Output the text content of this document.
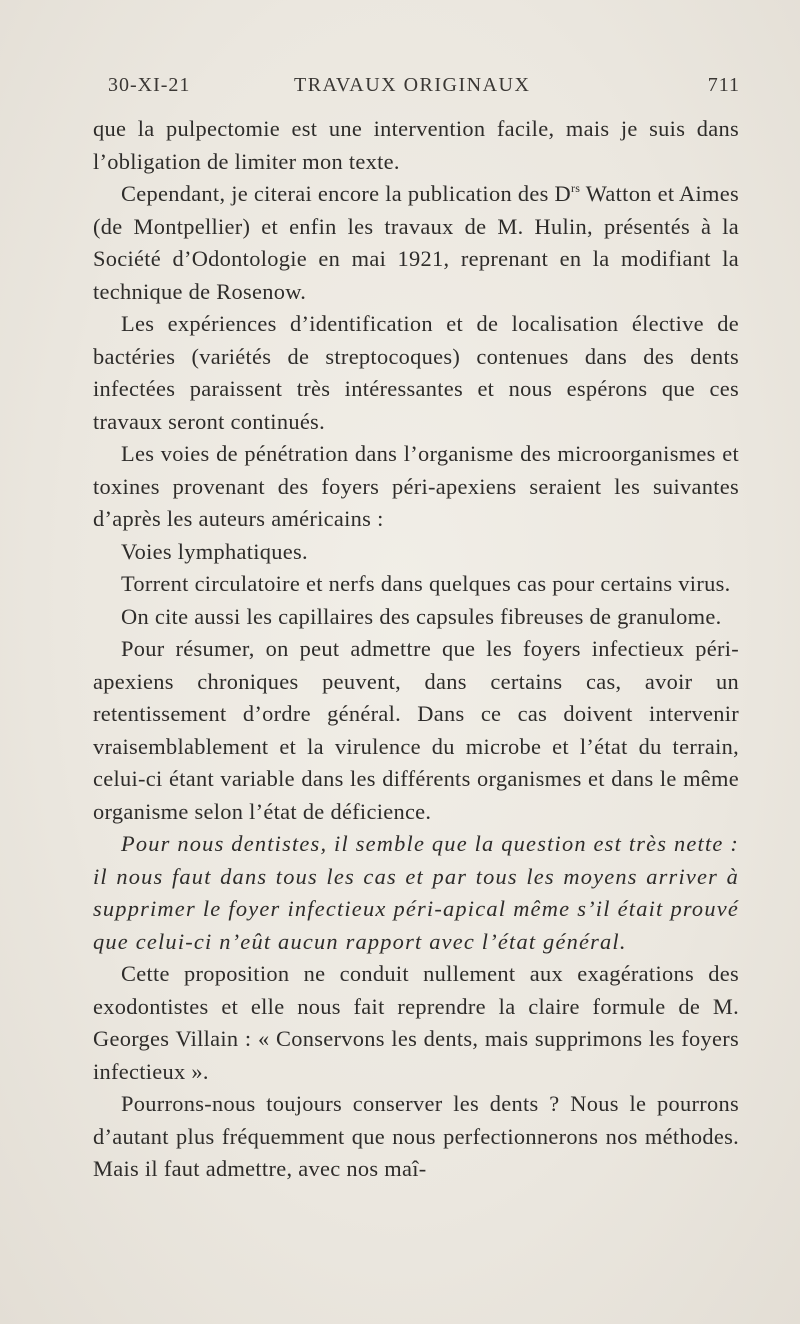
30-XI-21	TRAVAUX ORIGINAUX	711

que la pulpectomie est une intervention facile, mais je suis dans l’obligation de limiter mon texte.

Cependant, je citerai encore la publication des $D^{rs}$ Watton et Aimes (de Montpellier) et enfin les travaux de M. Hulin, présentés à la Société d’Odontologie en mai 1921, reprenant en la modifiant la technique de Rosenow.

Les expériences d’identification et de localisation élective de bactéries (variétés de streptocoques) contenues dans des dents infectées paraissent très intéressantes et nous espérons que ces travaux seront continués.

Les voies de pénétration dans l’organisme des microorganismes et toxines provenant des foyers péri-apexiens seraient les suivantes d’après les auteurs américains :

Voies lymphatiques.

Torrent circulatoire et nerfs dans quelques cas pour certains virus.

On cite aussi les capillaires des capsules fibreuses de granulome.

Pour résumer, on peut admettre que les foyers infectieux péri-apexiens chroniques peuvent, dans certains cas, avoir un retentissement d’ordre général. Dans ce cas doivent intervenir vraisemblablement et la virulence du microbe et l’état du terrain, celui-ci étant variable dans les différents organismes et dans le même organisme selon l’état de déficience.

Pour nous dentistes, il semble que la question est très nette : il nous faut dans tous les cas et par tous les moyens arriver à supprimer le foyer infectieux péri-apical même s’il était prouvé que celui-ci n’eût aucun rapport avec l’état général.

Cette proposition ne conduit nullement aux exagérations des exodontistes et elle nous fait reprendre la claire formule de M. Georges Villain : « Conservons les dents, mais supprimons les foyers infectieux ».

Pourrons-nous toujours conserver les dents ? Nous le pourrons d’autant plus fréquemment que nous perfectionnerons nos méthodes. Mais il faut admettre, avec nos maî-
